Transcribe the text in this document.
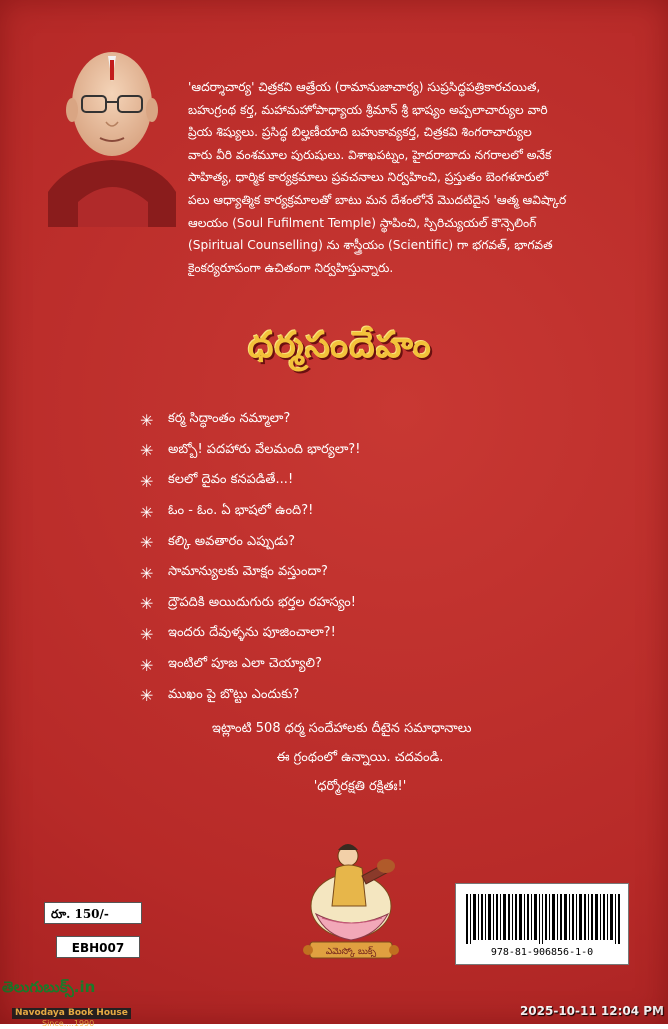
'ఆదర్శాచార్య' చిత్రకవి ఆత్రేయ (రామానుజాచార్య) సుప్రసిద్ధపత్రికారచయిత,
బహుగ్రంథ కర్త, మహామహోపాధ్యాయ శ్రీమాన్ శ్రీ భాష్యం అప్పలాచార్యుల వారి
ప్రియ శిష్యులు. ప్రసిద్ధ బిల్హణీయాది బహుకావ్యకర్త, చిత్రకవి శింగరాచార్యుల
వారు వీరి వంశమూల పురుషులు. విశాఖపట్నం, హైదరాబాదు నగరాలలో అనేక
సాహిత్య, ధార్మిక కార్యక్రమాలు ప్రవచనాలు నిర్వహించి, ప్రస్తుతం బెంగళూరులో
పలు ఆధ్యాత్మిక కార్యక్రమాలతో బాటు మన దేశంలోనే మొదటిదైన 'ఆత్మ ఆవిష్కార
ఆలయం (Soul Fufilment Temple) స్థాపించి, స్పిరిచ్యుయల్ కౌన్సెలింగ్
(Spiritual Counselling) ను శాస్త్రీయం (Scientific) గా భగవత్, భాగవత
కైంకర్యరూపంగా ఉచితంగా నిర్వహిస్తున్నారు.
ధర్మసందేహం
✳	కర్మ సిద్ధాంతం నమ్మాలా?
✳	అబ్బో! పదహారు వేలమంది భార్యలా?!
✳	కలలో దైవం కనపడితే...!
✳	ఓం - ఓం. ఏ భాషలో ఉంది?!
✳	కల్కి అవతారం ఎప్పుడు?
✳	సామాన్యులకు మోక్షం వస్తుందా?
✳	ద్రౌపదికి అయిదుగురు భర్తల రహస్యం!
✳	ఇందరు దేవుళ్ళను పూజించాలా?!
✳	ఇంటిలో పూజ ఎలా చెయ్యాలి?
✳	ముఖం పై బొట్టు ఎందుకు?
ఇట్లాంటి 508 ధర్మ సందేహాలకు దీటైన సమాధానాలు
ఈ గ్రంథంలో ఉన్నాయి. చదవండి.
'ధర్మోరక్షతి రక్షితః!'
ఎమెస్కో బుక్స్
రూ. 150/-
EBH007	978-81-906856-1-0
తెలుగుబుక్స్.in
Navodaya Book House
Since....1990
2025-10-11 12:04 PM
